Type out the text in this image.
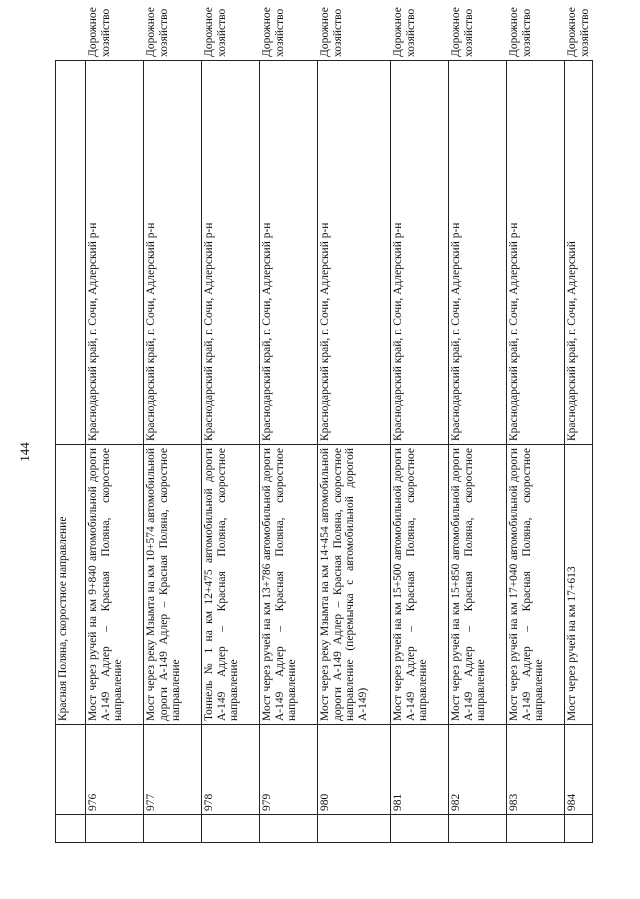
144
		Красная Поляна, скоростное направление		
	976	Мост через ручей на км 9+840 автомобильной дороги А-149 Адлер – Красная Поляна, скоростное направление	Краснодарский край, г. Сочи, Адлерский р-н	Дорожное хозяйство
	977	Мост через реку Мзымта на км 10+574 автомобильной дороги А-149 Адлер – Красная Поляна, скоростное направление	Краснодарский край, г. Сочи, Адлерский р-н	Дорожное хозяйство
	978	Тоннель № 1 на км 12+475 автомобильной дороги А-149 Адлер – Красная Поляна, скоростное направление	Краснодарский край, г. Сочи, Адлерский р-н	Дорожное хозяйство
	979	Мост через ручей на км 13+786 автомобильной дороги А-149 Адлер – Красная Поляна, скоростное направление	Краснодарский край, г. Сочи, Адлерский р-н	Дорожное хозяйство
	980	Мост через реку Мзымта на км 14+454 автомобильной дороги А-149 Адлер – Красная Поляна, скоростное направление (перемычка с автомобильной дорогой А-149)	Краснодарский край, г. Сочи, Адлерский р-н	Дорожное хозяйство
	981	Мост через ручей на км 15+500 автомобильной дороги А-149 Адлер – Красная Поляна, скоростное направление	Краснодарский край, г. Сочи, Адлерский р-н	Дорожное хозяйство
	982	Мост через ручей на км 15+850 автомобильной дороги А-149 Адлер – Красная Поляна, скоростное направление	Краснодарский край, г. Сочи, Адлерский р-н	Дорожное хозяйство
	983	Мост через ручей на км 17+040 автомобильной дороги А-149 Адлер – Красная Поляна, скоростное направление	Краснодарский край, г. Сочи, Адлерский р-н	Дорожное хозяйство
	984	Мост через ручей на км 17+613	Краснодарский край, г. Сочи, Адлерский	Дорожное хозяйство
